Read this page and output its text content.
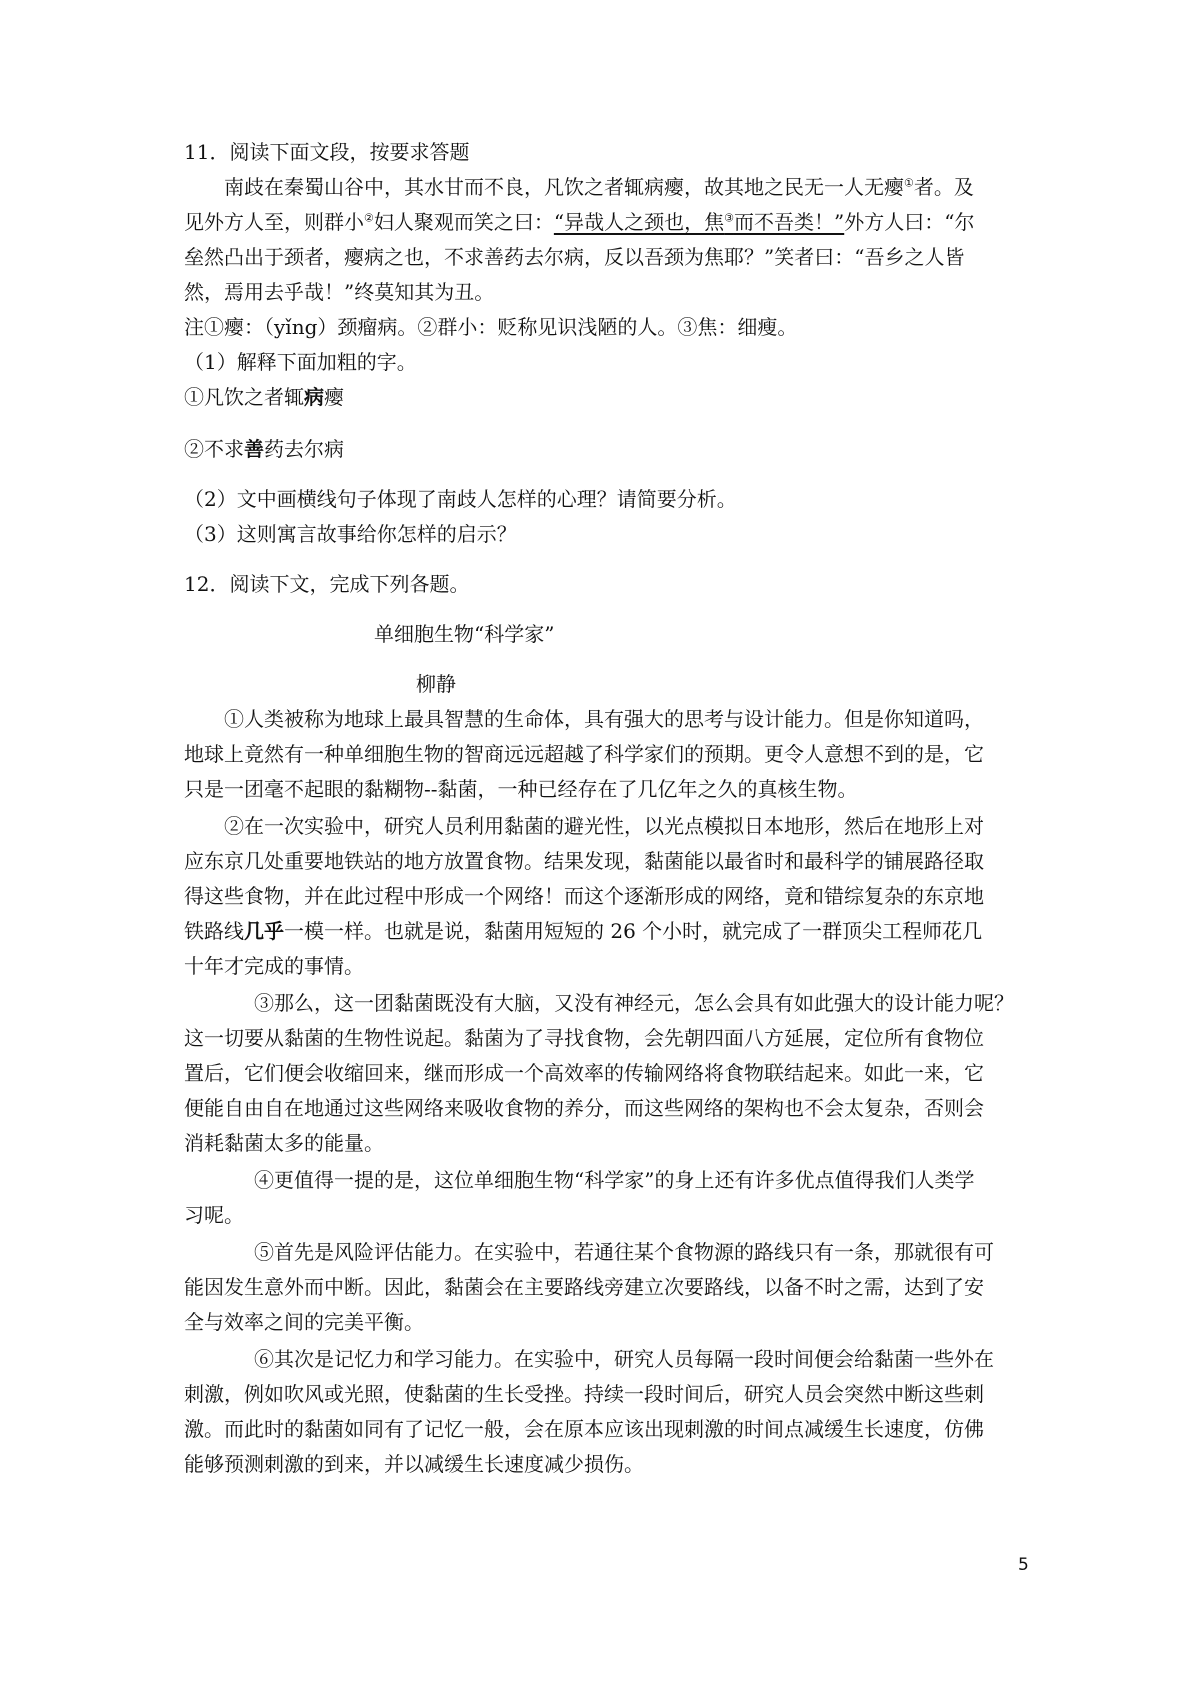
11．阅读下面文段，按要求答题
南歧在秦蜀山谷中，其水甘而不良，凡饮之者辄病瘿，故其地之民无一人无瘿①者。及
见外方人至，则群小②妇人聚观而笑之曰：“异哉人之颈也，焦③而不吾类！”外方人曰：“尔
垒然凸出于颈者，瘿病之也，不求善药去尔病，反以吾颈为焦耶？”笑者曰：“吾乡之人皆
然，焉用去乎哉！”终莫知其为丑。
注①瘿：（yǐng）颈瘤病。②群小：贬称见识浅陋的人。③焦：细瘦。
（1）解释下面加粗的字。
①凡饮之者辄病瘿
②不求善药去尔病
（2）文中画横线句子体现了南歧人怎样的心理？请简要分析。
（3）这则寓言故事给你怎样的启示？
12．阅读下文，完成下列各题。
单细胞生物“科学家”
柳静
①人类被称为地球上最具智慧的生命体，具有强大的思考与设计能力。但是你知道吗，
地球上竟然有一种单细胞生物的智商远远超越了科学家们的预期。更令人意想不到的是，它
只是一团毫不起眼的黏糊物--黏菌，一种已经存在了几亿年之久的真核生物。
②在一次实验中，研究人员利用黏菌的避光性，以光点模拟日本地形，然后在地形上对
应东京几处重要地铁站的地方放置食物。结果发现，黏菌能以最省时和最科学的铺展路径取
得这些食物，并在此过程中形成一个网络！而这个逐渐形成的网络，竟和错综复杂的东京地
铁路线几乎一模一样。也就是说，黏菌用短短的 26 个小时，就完成了一群顶尖工程师花几
十年才完成的事情。
③那么，这一团黏菌既没有大脑，又没有神经元，怎么会具有如此强大的设计能力呢？
这一切要从黏菌的生物性说起。黏菌为了寻找食物，会先朝四面八方延展，定位所有食物位
置后，它们便会收缩回来，继而形成一个高效率的传输网络将食物联结起来。如此一来，它
便能自由自在地通过这些网络来吸收食物的养分，而这些网络的架构也不会太复杂，否则会
消耗黏菌太多的能量。
④更值得一提的是，这位单细胞生物“科学家”的身上还有许多优点值得我们人类学
习呢。
⑤首先是风险评估能力。在实验中，若通往某个食物源的路线只有一条，那就很有可
能因发生意外而中断。因此，黏菌会在主要路线旁建立次要路线，以备不时之需，达到了安
全与效率之间的完美平衡。
⑥其次是记忆力和学习能力。在实验中，研究人员每隔一段时间便会给黏菌一些外在
刺激，例如吹风或光照，使黏菌的生长受挫。持续一段时间后，研究人员会突然中断这些刺
激。而此时的黏菌如同有了记忆一般，会在原本应该出现刺激的时间点减缓生长速度，仿佛
能够预测刺激的到来，并以减缓生长速度减少损伤。
5
